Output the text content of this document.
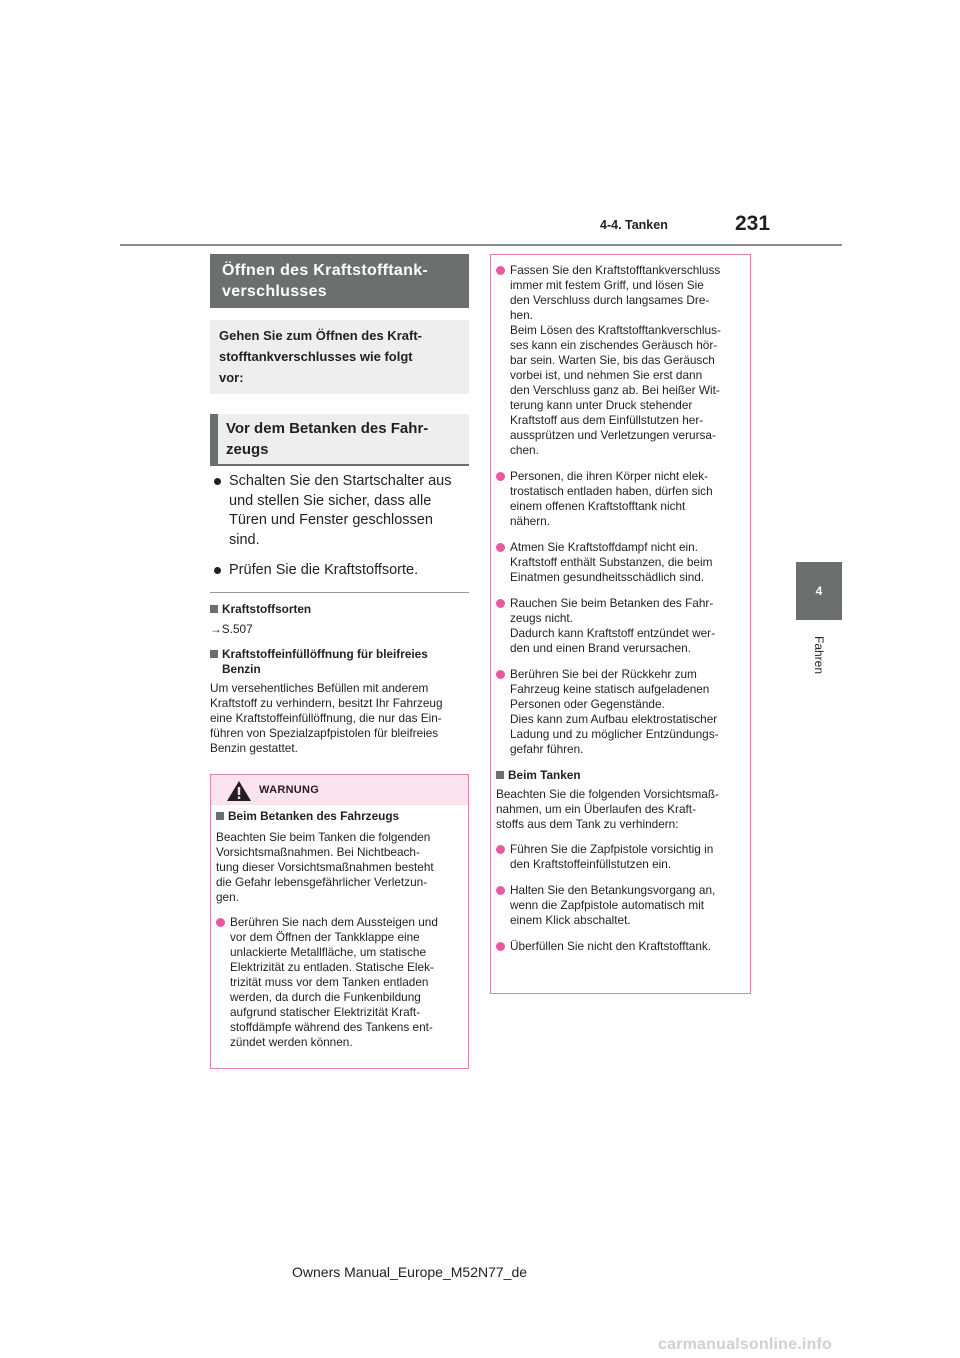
4-4. Tanken	231
4
Fahren
Öffnen des Kraftstofftank-
verschlusses
Gehen Sie zum Öffnen des Kraft-
stofftankverschlusses wie folgt
vor:
Vor dem Betanken des Fahr-
zeugs
Schalten Sie den Startschalter aus
und stellen Sie sicher, dass alle
Türen und Fenster geschlossen
sind.
Prüfen Sie die Kraftstoffsorte.
Kraftstoffsorten
→S.507
Kraftstoffeinfüllöffnung für bleifreies
Benzin
Um versehentliches Befüllen mit anderem
Kraftstoff zu verhindern, besitzt Ihr Fahrzeug
eine Kraftstoffeinfüllöffnung, die nur das Ein-
führen von Spezialzapfpistolen für bleifreies
Benzin gestattet.
WARNUNG
Beim Betanken des Fahrzeugs
Beachten Sie beim Tanken die folgenden
Vorsichtsmaßnahmen. Bei Nichtbeach-
tung dieser Vorsichtsmaßnahmen besteht
die Gefahr lebensgefährlicher Verletzun-
gen.
Berühren Sie nach dem Aussteigen und
vor dem Öffnen der Tankklappe eine
unlackierte Metallfläche, um statische
Elektrizität zu entladen. Statische Elek-
trizität muss vor dem Tanken entladen
werden, da durch die Funkenbildung
aufgrund statischer Elektrizität Kraft-
stoffdämpfe während des Tankens ent-
zündet werden können.
Fassen Sie den Kraftstofftankverschluss
immer mit festem Griff, und lösen Sie
den Verschluss durch langsames Dre-
hen.
Beim Lösen des Kraftstofftankverschlus-
ses kann ein zischendes Geräusch hör-
bar sein. Warten Sie, bis das Geräusch
vorbei ist, und nehmen Sie erst dann
den Verschluss ganz ab. Bei heißer Wit-
terung kann unter Druck stehender
Kraftstoff aus dem Einfüllstutzen her-
aussprützen und Verletzungen verursa-
chen.
Personen, die ihren Körper nicht elek-
trostatisch entladen haben, dürfen sich
einem offenen Kraftstofftank nicht
nähern.
Atmen Sie Kraftstoffdampf nicht ein.
Kraftstoff enthält Substanzen, die beim
Einatmen gesundheitsschädlich sind.
Rauchen Sie beim Betanken des Fahr-
zeugs nicht.
Dadurch kann Kraftstoff entzündet wer-
den und einen Brand verursachen.
Berühren Sie bei der Rückkehr zum
Fahrzeug keine statisch aufgeladenen
Personen oder Gegenstände.
Dies kann zum Aufbau elektrostatischer
Ladung und zu möglicher Entzündungs-
gefahr führen.
Beim Tanken
Beachten Sie die folgenden Vorsichtsmaß-
nahmen, um ein Überlaufen des Kraft-
stoffs aus dem Tank zu verhindern:
Führen Sie die Zapfpistole vorsichtig in
den Kraftstoffeinfüllstutzen ein.
Halten Sie den Betankungsvorgang an,
wenn die Zapfpistole automatisch mit
einem Klick abschaltet.
Überfüllen Sie nicht den Kraftstofftank.
Owners Manual_Europe_M52N77_de
carmanualsonline.info
